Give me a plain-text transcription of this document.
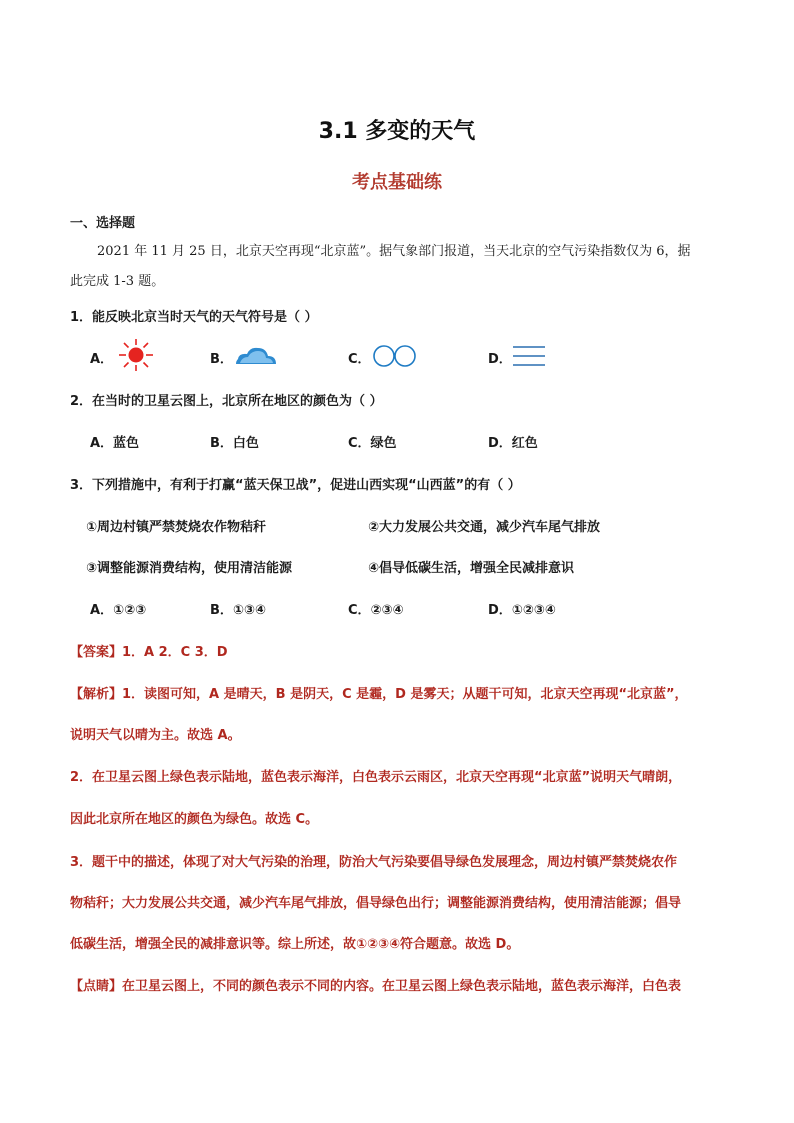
3.1 多变的天气
考点基础练
一、选择题
2021 年 11 月 25 日，北京天空再现“北京蓝”。据气象部门报道，当天北京的空气污染指数仅为 6，据
此完成 1-3 题。
1．能反映北京当时天气的天气符号是（ ）
A．	B．	C．	D．
2．在当时的卫星云图上，北京所在地区的颜色为（ ）
A．蓝色	B．白色	C．绿色	D．红色
3．下列措施中，有利于打赢“蓝天保卫战”，促进山西实现“山西蓝”的有（ ）
①周边村镇严禁焚烧农作物秸秆	②大力发展公共交通，减少汽车尾气排放
③调整能源消费结构，使用清洁能源	④倡导低碳生活，增强全民减排意识
A．①②③	B．①③④	C．②③④	D．①②③④
【答案】1．A 2．C 3．D
【解析】1．读图可知，A 是晴天，B 是阴天，C 是霾，D 是雾天；从题干可知，北京天空再现“北京蓝”，
说明天气以晴为主。故选 A。
2．在卫星云图上绿色表示陆地，蓝色表示海洋，白色表示云雨区，北京天空再现“北京蓝”说明天气晴朗，
因此北京所在地区的颜色为绿色。故选 C。
3．题干中的描述，体现了对大气污染的治理，防治大气污染要倡导绿色发展理念，周边村镇严禁焚烧农作
物秸秆；大力发展公共交通，减少汽车尾气排放，倡导绿色出行；调整能源消费结构，使用清洁能源；倡导
低碳生活，增强全民的减排意识等。综上所述，故①②③④符合题意。故选 D。
【点睛】在卫星云图上，不同的颜色表示不同的内容。在卫星云图上绿色表示陆地，蓝色表示海洋，白色表
